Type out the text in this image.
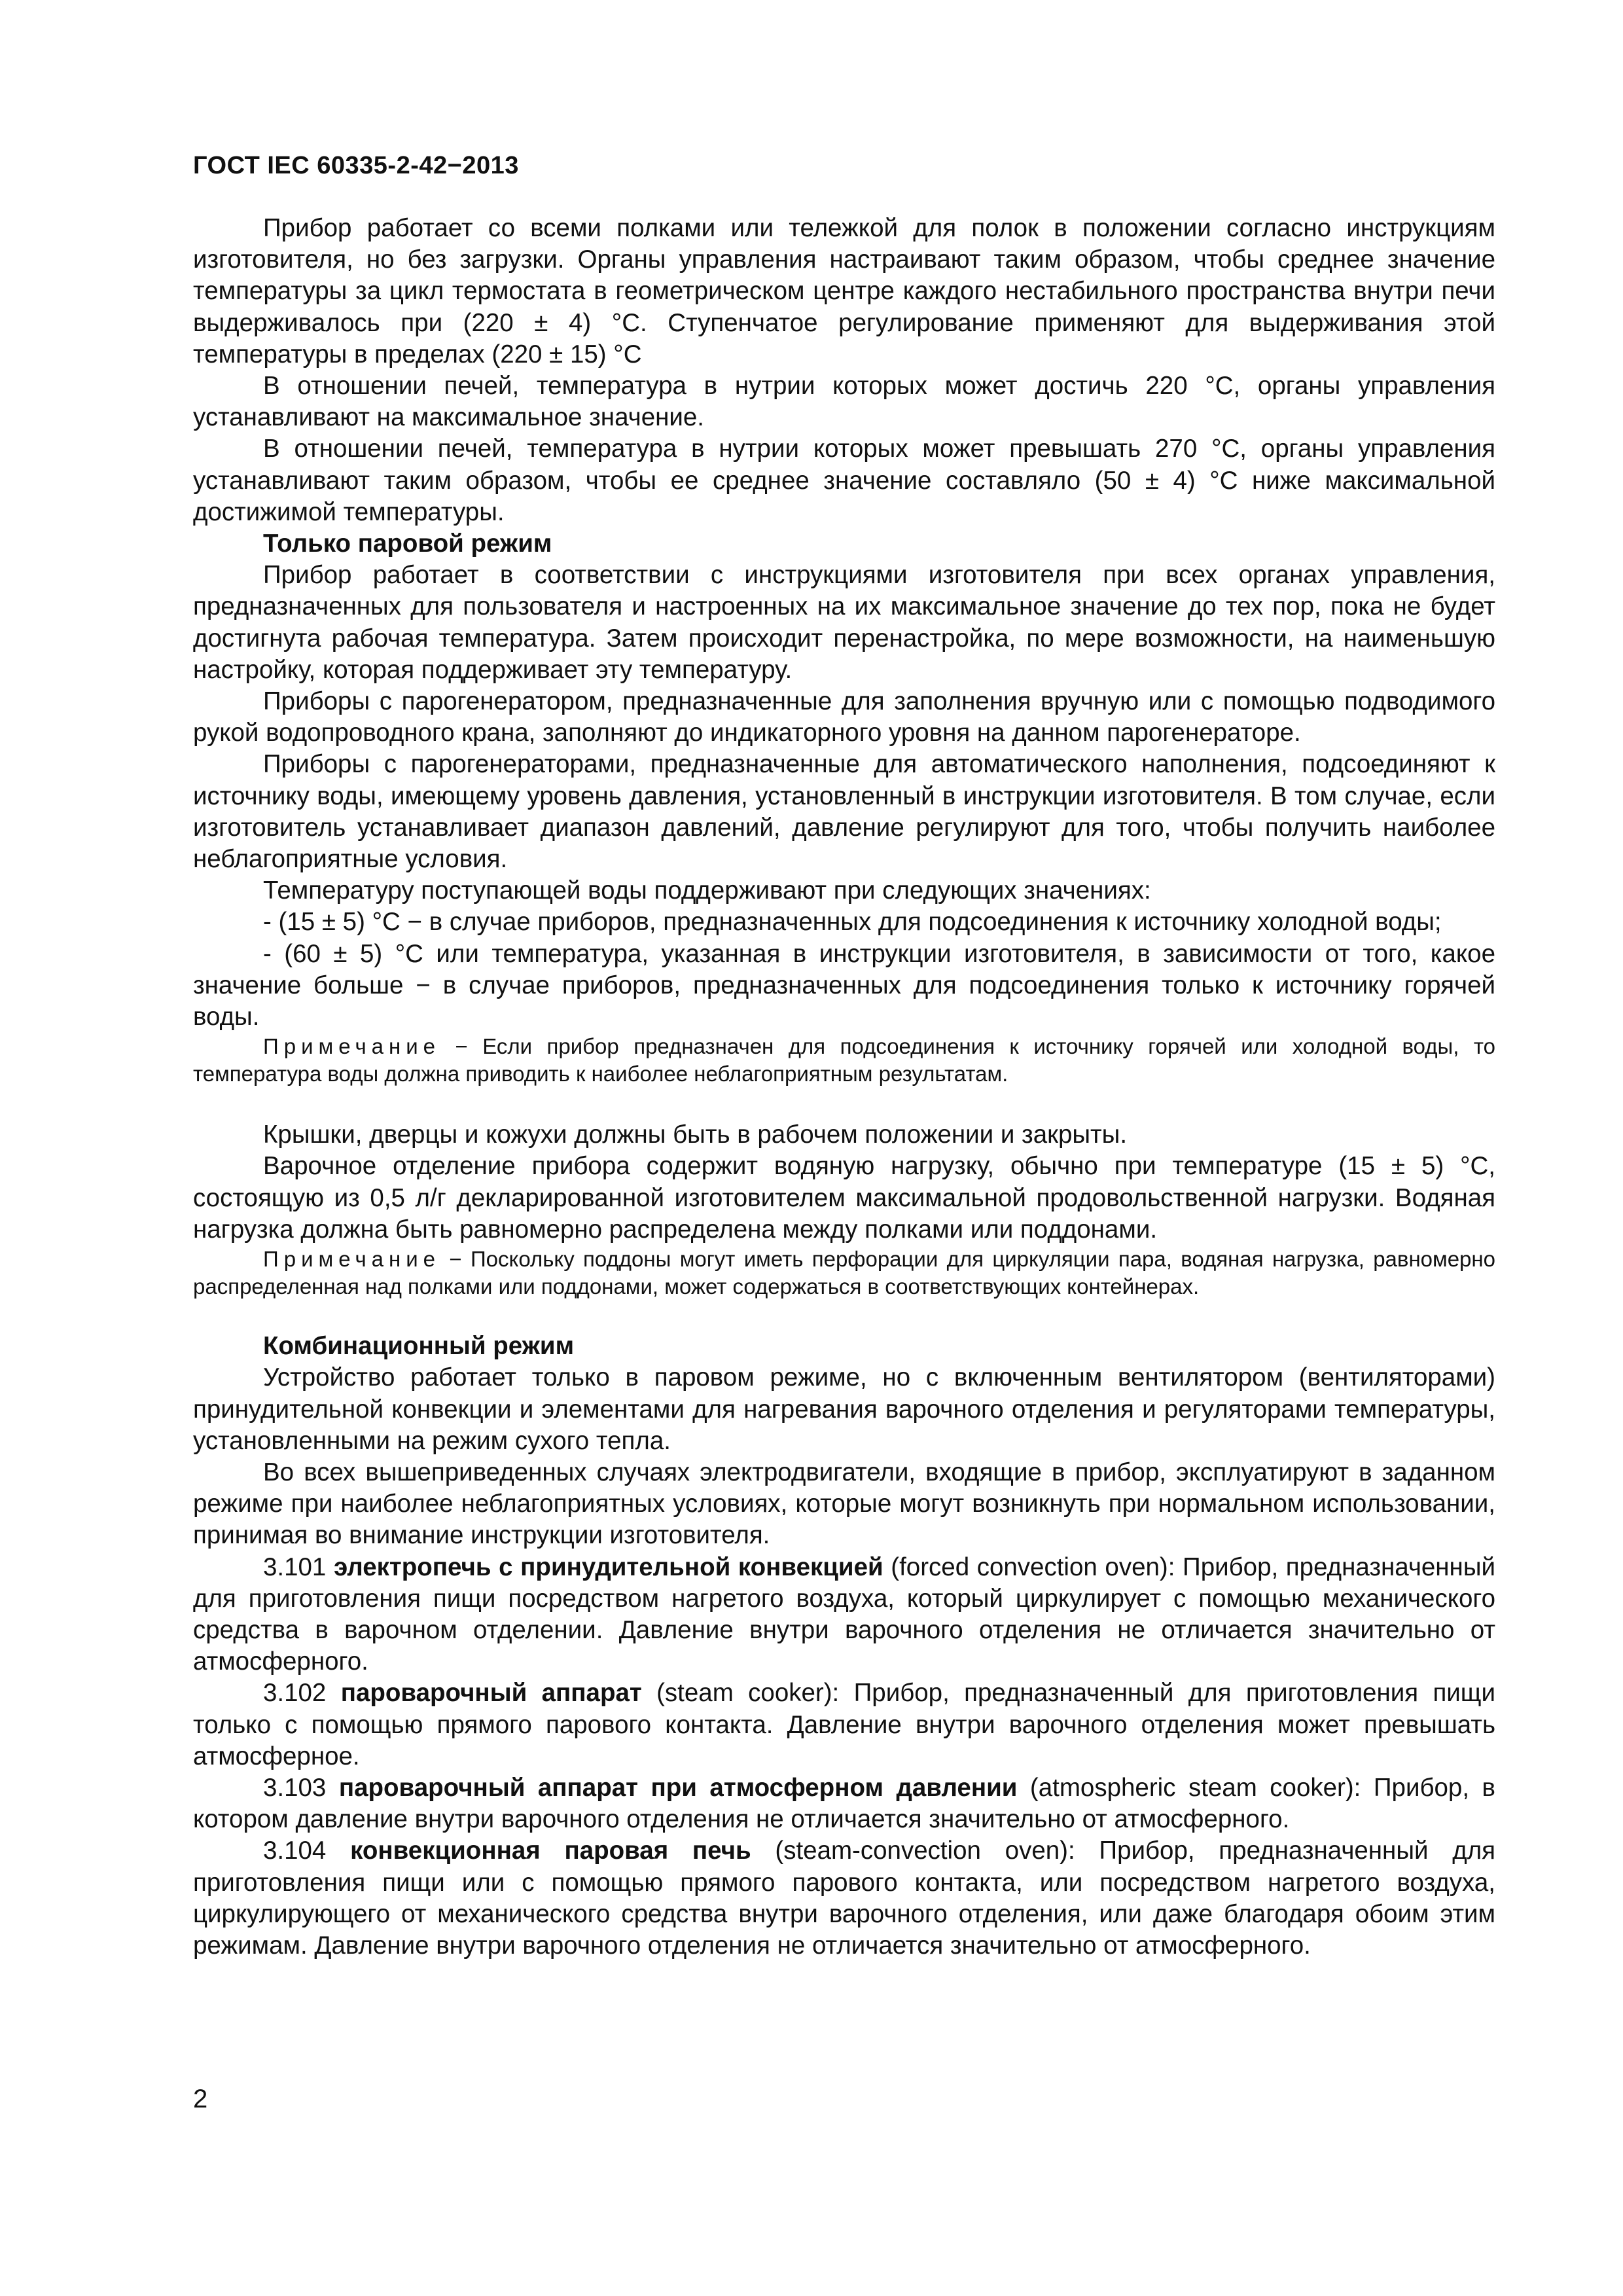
ГОСТ IEC 60335-2-42−2013

Прибор работает со всеми полками или тележкой для полок в положении согласно инструкциям изготовителя, но без загрузки. Органы управления настраивают таким образом, чтобы среднее значение температуры за цикл термостата в геометрическом центре каждого нестабильного пространства внутри печи выдерживалось при (220 ± 4) °С. Ступенчатое регулирование применяют для выдерживания этой температуры в пределах (220 ± 15) °С

В отношении печей, температура в нутрии которых может достичь 220 °С, органы управления устанавливают на максимальное значение.

В отношении печей, температура в нутрии которых может превышать 270 °С, органы управления устанавливают таким образом, чтобы ее среднее значение составляло (50 ± 4) °С ниже максимальной достижимой температуры.

Только паровой режим

Прибор работает в соответствии с инструкциями изготовителя при всех органах управления, предназначенных для пользователя и настроенных на их максимальное значение до тех пор, пока не будет достигнута рабочая температура. Затем происходит перенастройка, по мере возможности, на наименьшую настройку, которая поддерживает эту температуру.

Приборы с парогенератором, предназначенные для заполнения вручную или с помощью подводимого рукой водопроводного крана, заполняют до индикаторного уровня на данном парогенераторе.

Приборы с парогенераторами, предназначенные для автоматического наполнения, подсоединяют к источнику воды, имеющему уровень давления, установленный в инструкции изготовителя. В том случае, если изготовитель устанавливает диапазон давлений, давление регулируют для того, чтобы получить наиболее неблагоприятные условия.

Температуру поступающей воды поддерживают при следующих значениях:

- (15 ± 5) °С − в случае приборов, предназначенных для подсоединения к источнику холодной воды;

- (60 ± 5) °С или температура, указанная в инструкции изготовителя, в зависимости от того, какое значение больше − в случае приборов, предназначенных для подсоединения только к источнику горячей воды.

Примечание − Если прибор предназначен для подсоединения к источнику горячей или холодной воды, то температура воды должна приводить к наиболее неблагоприятным результатам.

Крышки, дверцы и кожухи должны быть в рабочем положении и закрыты.

Варочное отделение прибора содержит водяную нагрузку, обычно при температуре (15 ± 5) °С, состоящую из 0,5 л/г декларированной изготовителем максимальной продовольственной нагрузки. Водяная нагрузка должна быть равномерно распределена между полками или поддонами.

Примечание − Поскольку поддоны могут иметь перфорации для циркуляции пара, водяная нагрузка, равномерно распределенная над полками или поддонами, может содержаться в соответствующих контейнерах.

Комбинационный режим

Устройство работает только в паровом режиме, но с включенным вентилятором (вентиляторами) принудительной конвекции и элементами для нагревания варочного отделения и регуляторами температуры, установленными на режим сухого тепла.

Во всех вышеприведенных случаях электродвигатели, входящие в прибор, эксплуатируют в заданном режиме при наиболее неблагоприятных условиях, которые могут возникнуть при нормальном использовании, принимая во внимание инструкции изготовителя.

3.101 электропечь с принудительной конвекцией (forced convection oven): Прибор, предназначенный для приготовления пищи посредством нагретого воздуха, который циркулирует с помощью механического средства в варочном отделении. Давление внутри варочного отделения не отличается значительно от атмосферного.

3.102 пароварочный аппарат (steam cooker): Прибор, предназначенный для приготовления пищи только с помощью прямого парового контакта. Давление внутри варочного отделения может превышать атмосферное.

3.103 пароварочный аппарат при атмосферном давлении (atmospheric steam cooker): Прибор, в котором давление внутри варочного отделения не отличается значительно от атмосферного.

3.104 конвекционная паровая печь (steam-convection oven): Прибор, предназначенный для приготовления пищи или с помощью прямого парового контакта, или посредством нагретого воздуха, циркулирующего от механического средства внутри варочного отделения, или даже благодаря обоим этим режимам. Давление внутри варочного отделения не отличается значительно от атмосферного.

2
